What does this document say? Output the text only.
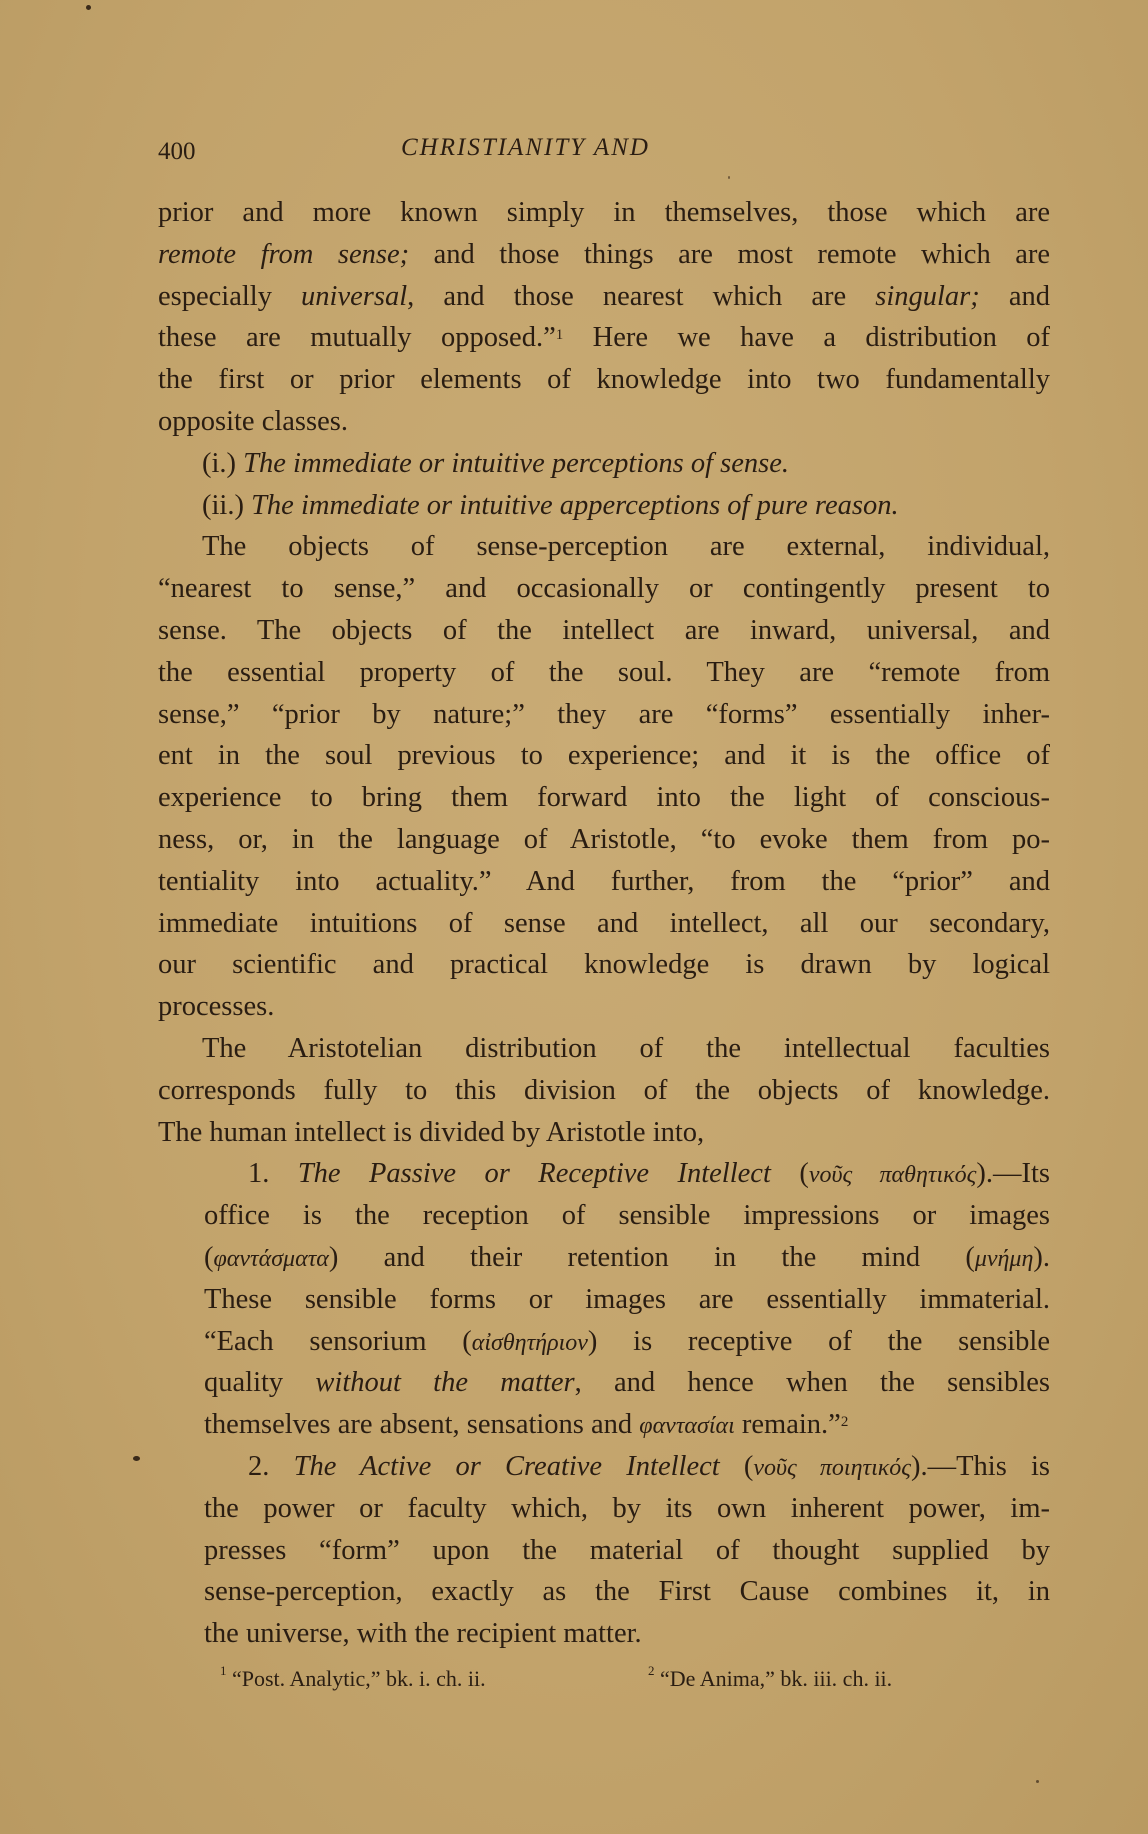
400	CHRISTIANITY AND
prior and more known simply in themselves, those which are
remote from sense; and those things are most remote which are
especially universal, and those nearest which are singular; and
these are mutually opposed.”$^1$ Here we have a distribution of
the first or prior elements of knowledge into two fundamentally
opposite classes.
(i.) The immediate or intuitive perceptions of sense.
(ii.) The immediate or intuitive apperceptions of pure reason.
The objects of sense-perception are external, individual,
“nearest to sense,” and occasionally or contingently present to
sense. The objects of the intellect are inward, universal, and
the essential property of the soul. They are “remote from
sense,” “prior by nature;” they are “forms” essentially inher-
ent in the soul previous to experience; and it is the office of
experience to bring them forward into the light of conscious-
ness, or, in the language of Aristotle, “to evoke them from po-
tentiality into actuality.” And further, from the “prior” and
immediate intuitions of sense and intellect, all our secondary,
our scientific and practical knowledge is drawn by logical
processes.
The Aristotelian distribution of the intellectual faculties
corresponds fully to this division of the objects of knowledge.
The human intellect is divided by Aristotle into,
1. The Passive or Receptive Intellect (νοῦς παθητικός).—Its
office is the reception of sensible impressions or images
(φαντάσματα) and their retention in the mind (μνήμη).
These sensible forms or images are essentially immaterial.
“Each sensorium (αἰσθητήριον) is receptive of the sensible
quality without the matter, and hence when the sensibles
themselves are absent, sensations and φαντασίαι remain.”$^2$
2. The Active or Creative Intellect (νοῦς ποιητικός).—This is
the power or faculty which, by its own inherent power, im-
presses “form” upon the material of thought supplied by
sense-perception, exactly as the First Cause combines it, in
the universe, with the recipient matter.
$^1$ “Post. Analytic,” bk. i. ch. ii.	$^2$ “De Anima,” bk. iii. ch. ii.
